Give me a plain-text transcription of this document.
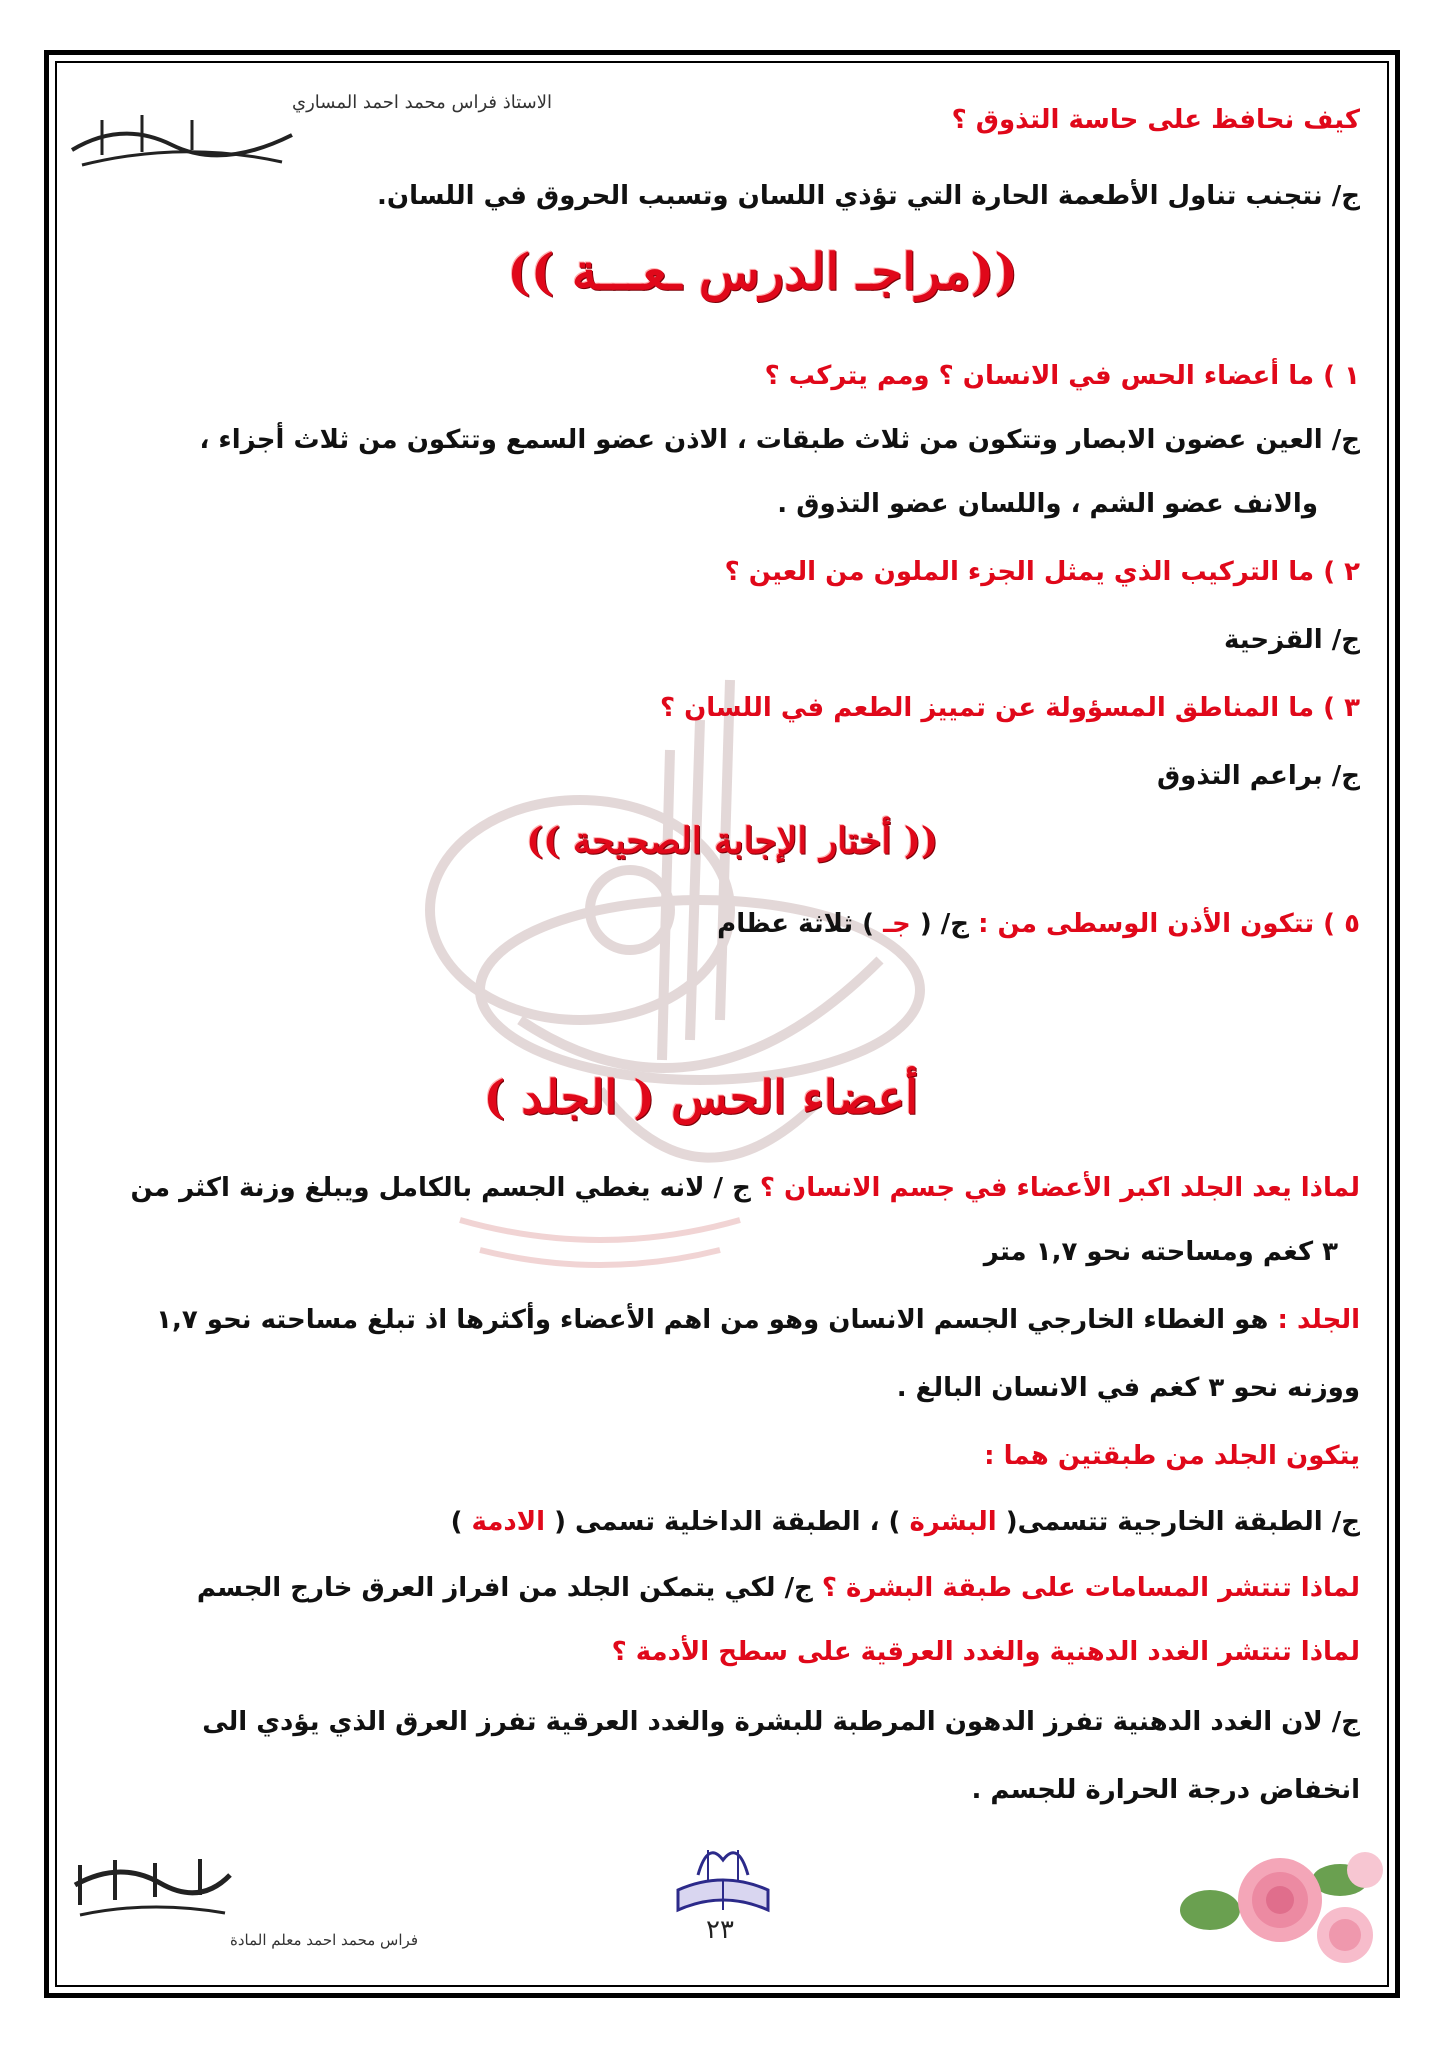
الاستاذ فراس محمد احمد المساري
كيف نحافظ على حاسة التذوق ؟
ج/ نتجنب تناول الأطعمة الحارة التي تؤذي اللسان وتسبب الحروق في اللسان.
((مراجـ الدرس ـعـــة ))
١ ) ما أعضاء الحس في الانسان ؟ ومم يتركب ؟
ج/ العين عضون الابصار وتتكون من ثلاث طبقات ، الاذن عضو السمع وتتكون من ثلاث أجزاء ،
والانف عضو الشم ، واللسان عضو التذوق .
٢ ) ما التركيب الذي يمثل الجزء الملون من العين ؟
ج/ القزحية
٣ ) ما المناطق المسؤولة عن تمييز الطعم في اللسان ؟
ج/ براعم التذوق
(( أختار الإجابة الصحيحة ))
٥ ) تتكون الأذن الوسطى من : ج/ ( جـ ) ثلاثة عظام
أعضاء الحس ( الجلد )
لماذا يعد الجلد اكبر الأعضاء في جسم الانسان ؟ ج / لانه يغطي الجسم بالكامل ويبلغ وزنة اكثر من
٣ كغم ومساحته نحو ١,٧ متر
الجلد : هو الغطاء الخارجي الجسم الانسان وهو من اهم الأعضاء وأكثرها اذ تبلغ مساحته نحو ١,٧
ووزنه نحو ٣ كغم في الانسان البالغ .
يتكون الجلد من طبقتين هما :
ج/ الطبقة الخارجية تتسمى( البشرة ) ، الطبقة الداخلية تسمى ( الادمة )
لماذا تنتشر المسامات على طبقة البشرة ؟ ج/ لكي يتمكن الجلد من افراز العرق خارج الجسم
لماذا تنتشر الغدد الدهنية والغدد العرقية على سطح الأدمة ؟
ج/ لان الغدد الدهنية تفرز الدهون المرطبة للبشرة والغدد العرقية تفرز العرق الذي يؤدي الى
انخفاض درجة الحرارة للجسم .
فراس محمد احمد معلم المادة	٢٣
